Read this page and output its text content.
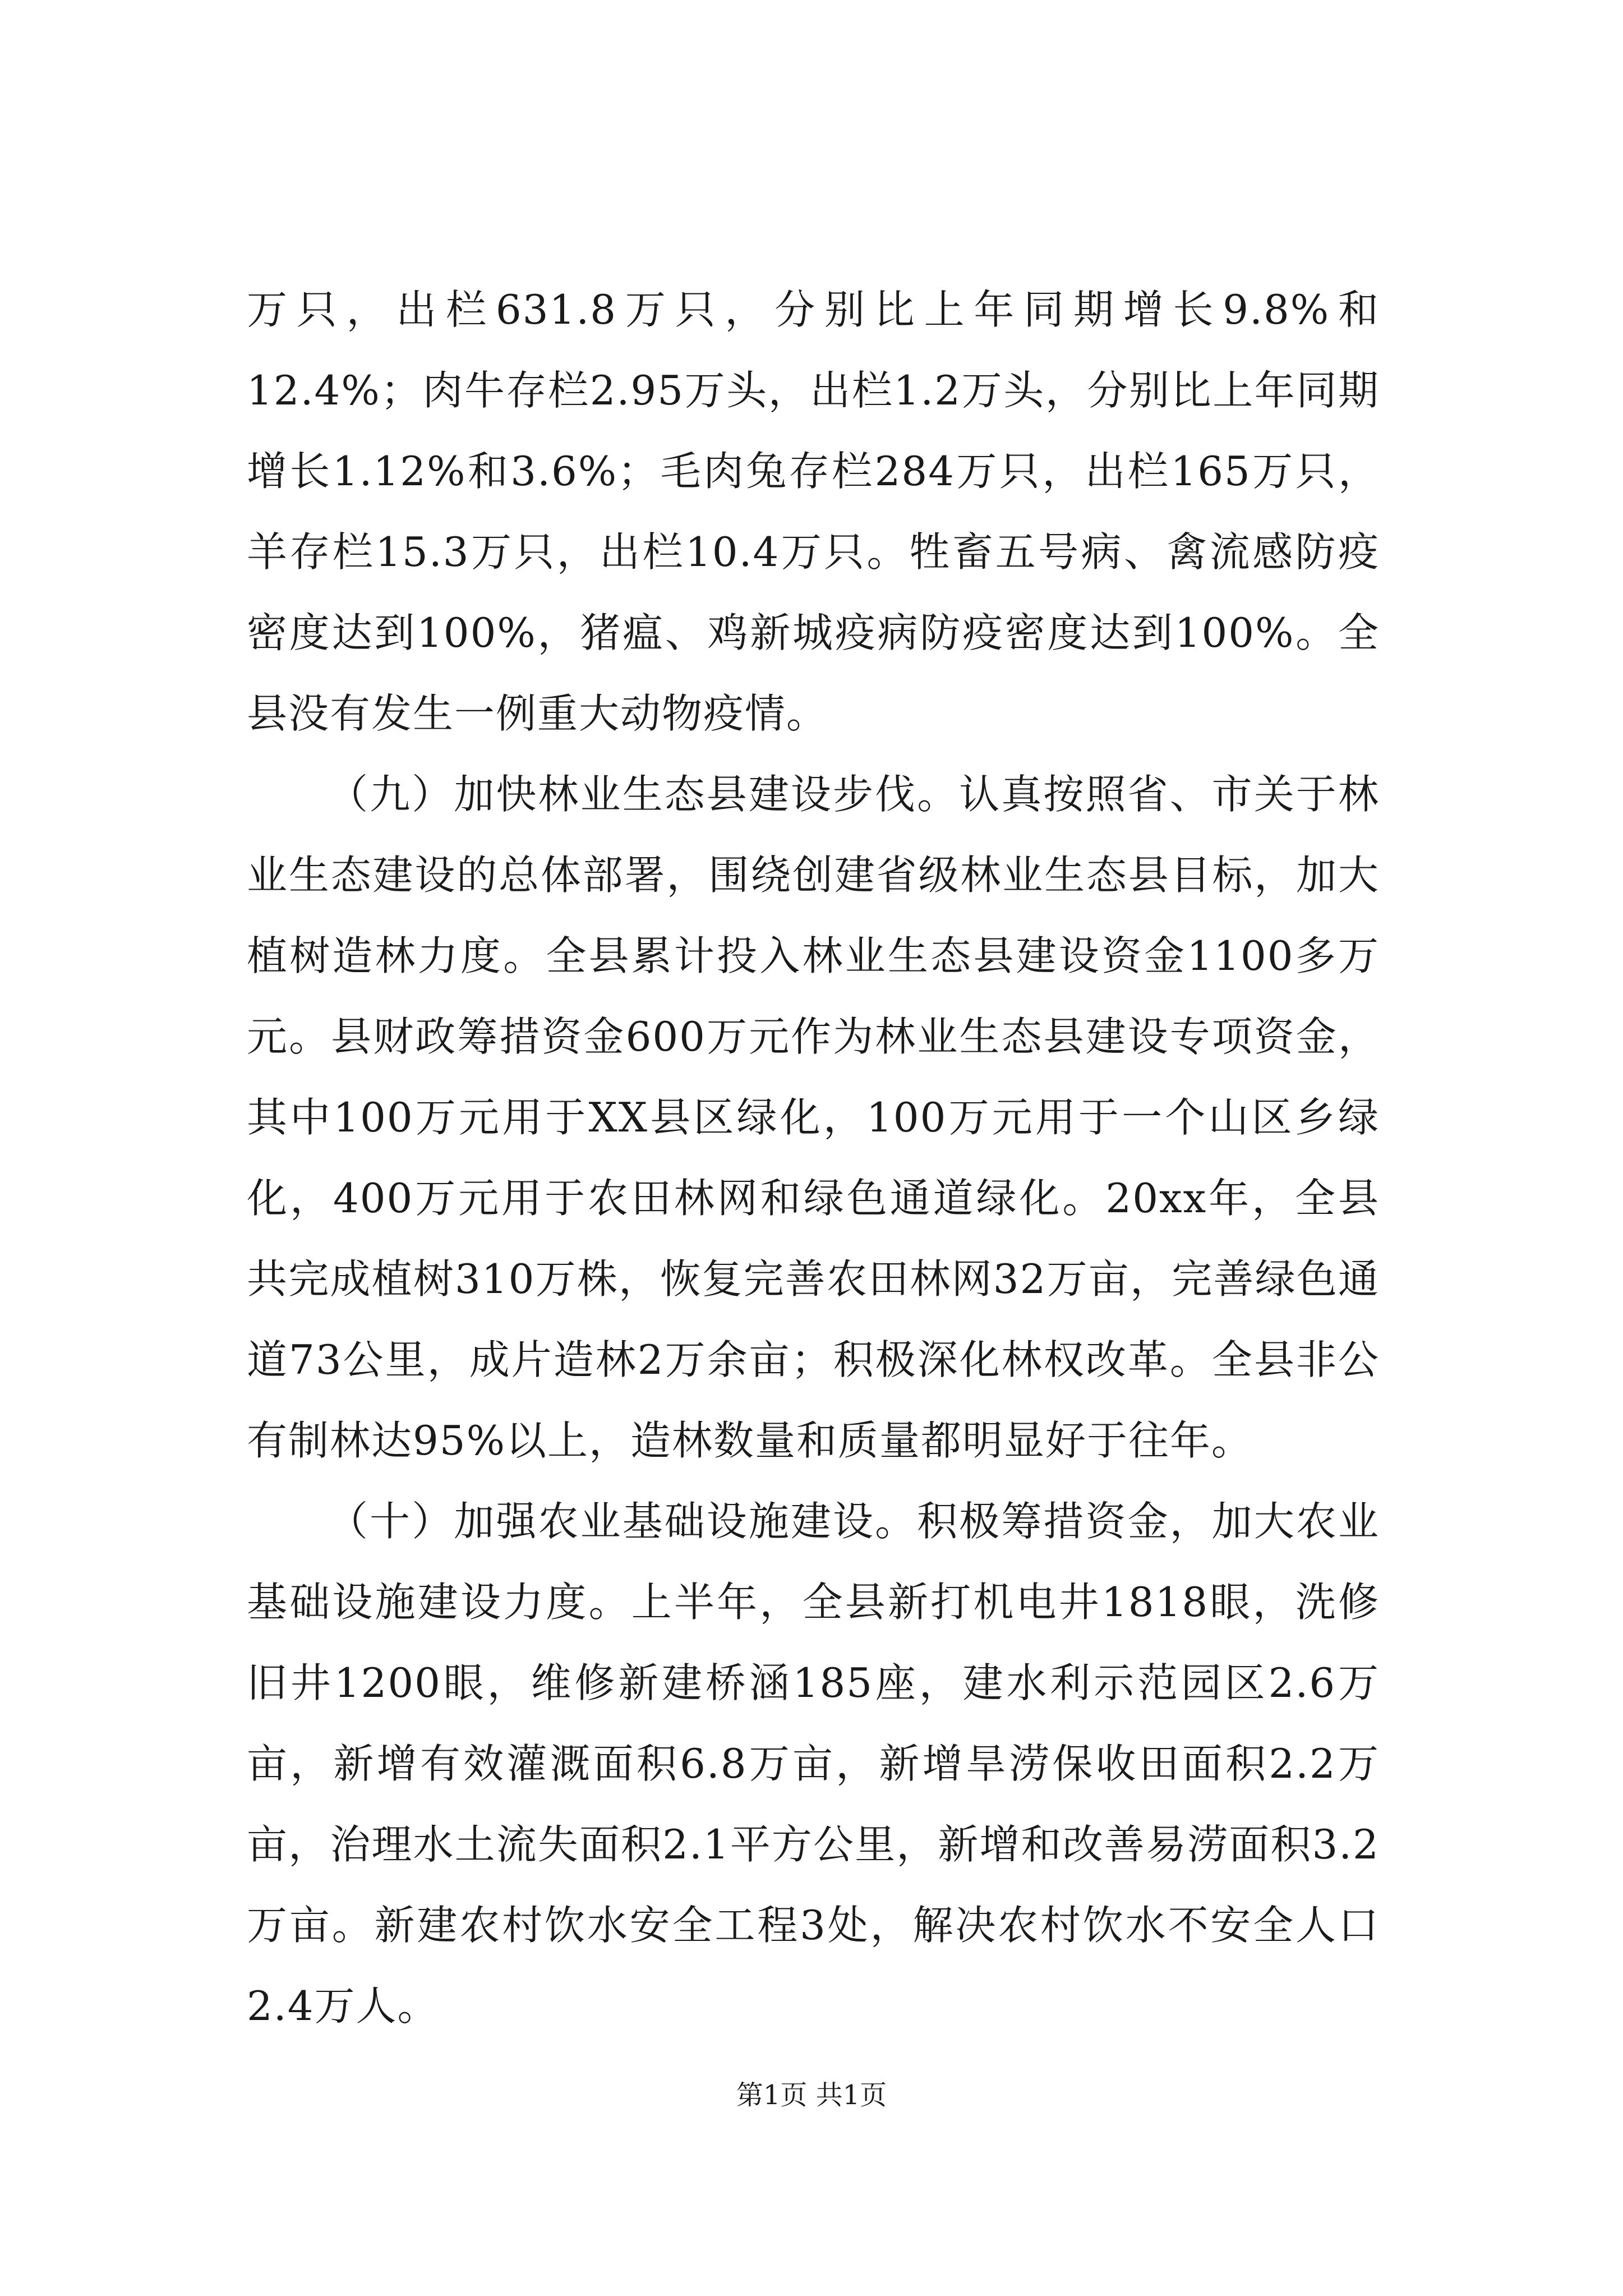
万只，出栏631.8万只，分别比上年同期增长9.8%和12.4%；肉牛存栏2.95万头，出栏1.2万头，分别比上年同期增长1.12%和3.6%；毛肉兔存栏284万只，出栏165万只，羊存栏15.3万只，出栏10.4万只。牲畜五号病、禽流感防疫密度达到100%，猪瘟、鸡新城疫病防疫密度达到100%。全县没有发生一例重大动物疫情。

（九）加快林业生态县建设步伐。认真按照省、市关于林业生态建设的总体部署，围绕创建省级林业生态县目标，加大植树造林力度。全县累计投入林业生态县建设资金1100多万元。县财政筹措资金600万元作为林业生态县建设专项资金，其中100万元用于XX县区绿化，100万元用于一个山区乡绿化，400万元用于农田林网和绿色通道绿化。20xx年，全县共完成植树310万株，恢复完善农田林网32万亩，完善绿色通道73公里，成片造林2万余亩；积极深化林权改革。全县非公有制林达95%以上，造林数量和质量都明显好于往年。

（十）加强农业基础设施建设。积极筹措资金，加大农业基础设施建设力度。上半年，全县新打机电井1818眼，洗修旧井1200眼，维修新建桥涵185座，建水利示范园区2.6万亩，新增有效灌溉面积6.8万亩，新增旱涝保收田面积2.2万亩，治理水土流失面积2.1平方公里，新增和改善易涝面积3.2万亩。新建农村饮水安全工程3处，解决农村饮水不安全人口2.4万人。

第1页 共1页
